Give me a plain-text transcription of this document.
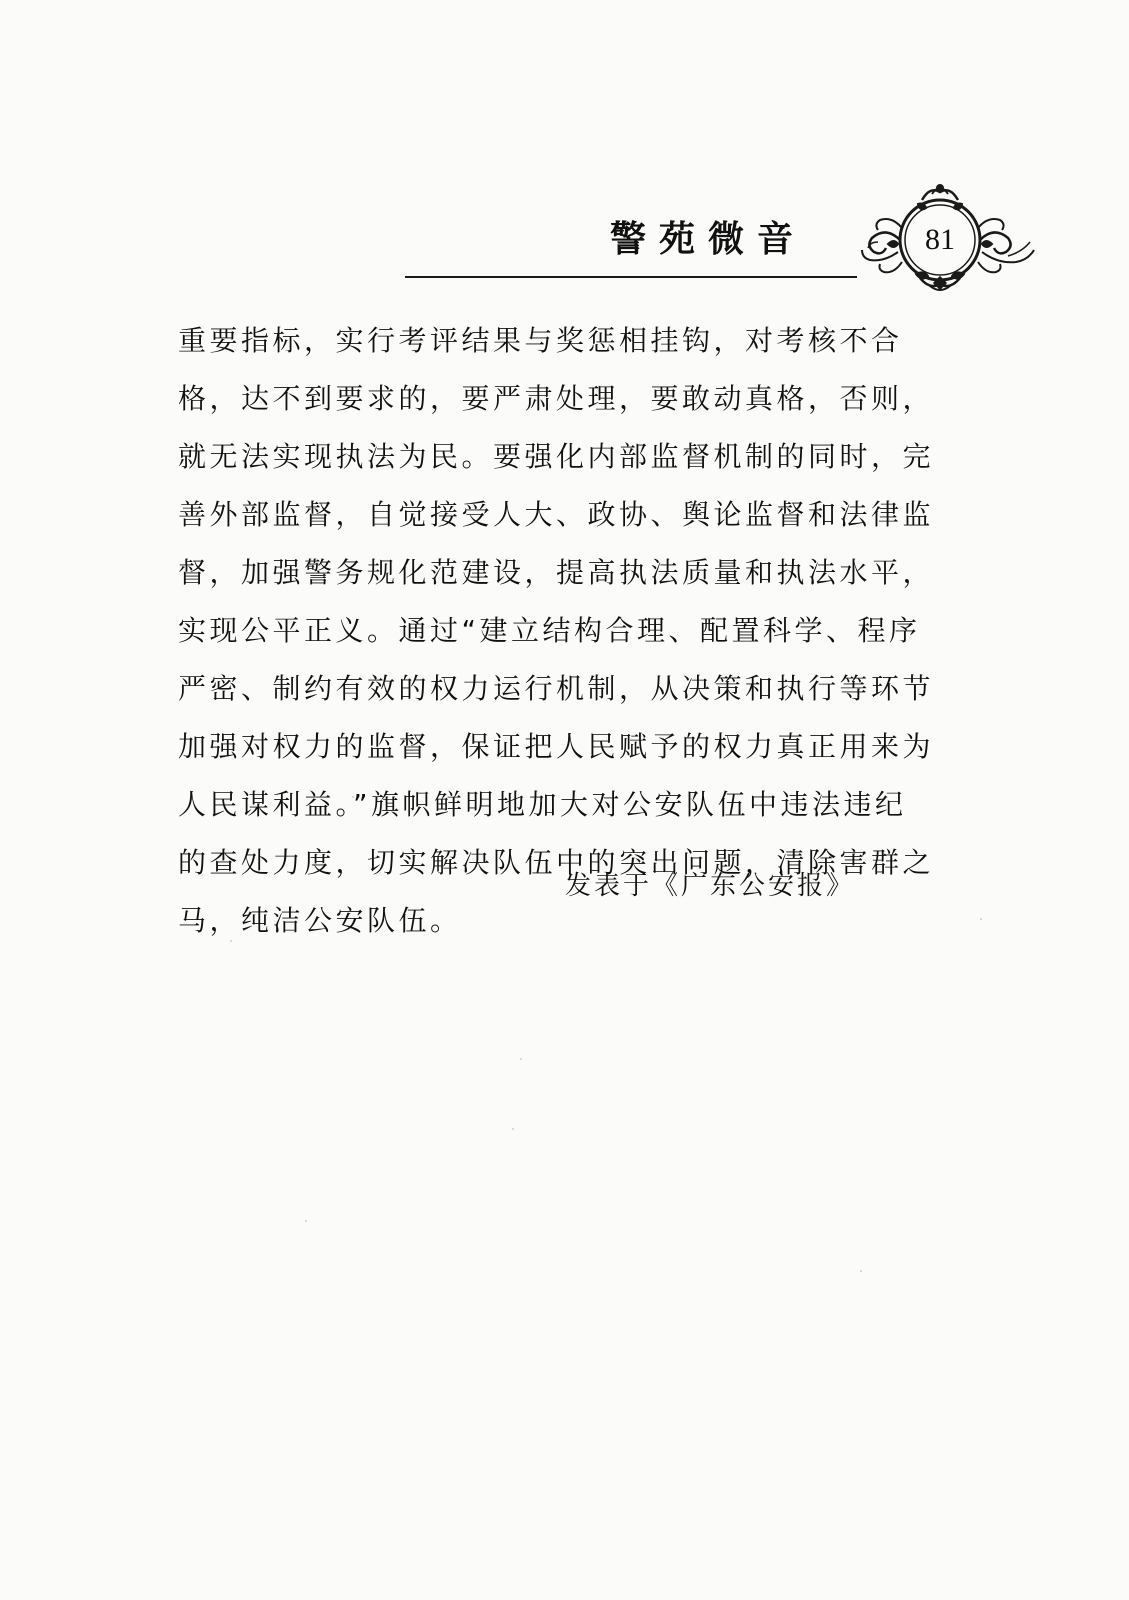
警苑微音	81
重要指标，实行考评结果与奖惩相挂钩，对考核不合
格，达不到要求的，要严肃处理，要敢动真格，否则，
就无法实现执法为民。要强化内部监督机制的同时，完
善外部监督，自觉接受人大、政协、舆论监督和法律监
督，加强警务规化范建设，提高执法质量和执法水平，
实现公平正义。通过“建立结构合理、配置科学、程序
严密、制约有效的权力运行机制，从决策和执行等环节
加强对权力的监督，保证把人民赋予的权力真正用来为
人民谋利益。”旗帜鲜明地加大对公安队伍中违法违纪
的查处力度，切实解决队伍中的突出问题，清除害群之
马，纯洁公安队伍。
发表于《广东公安报》
